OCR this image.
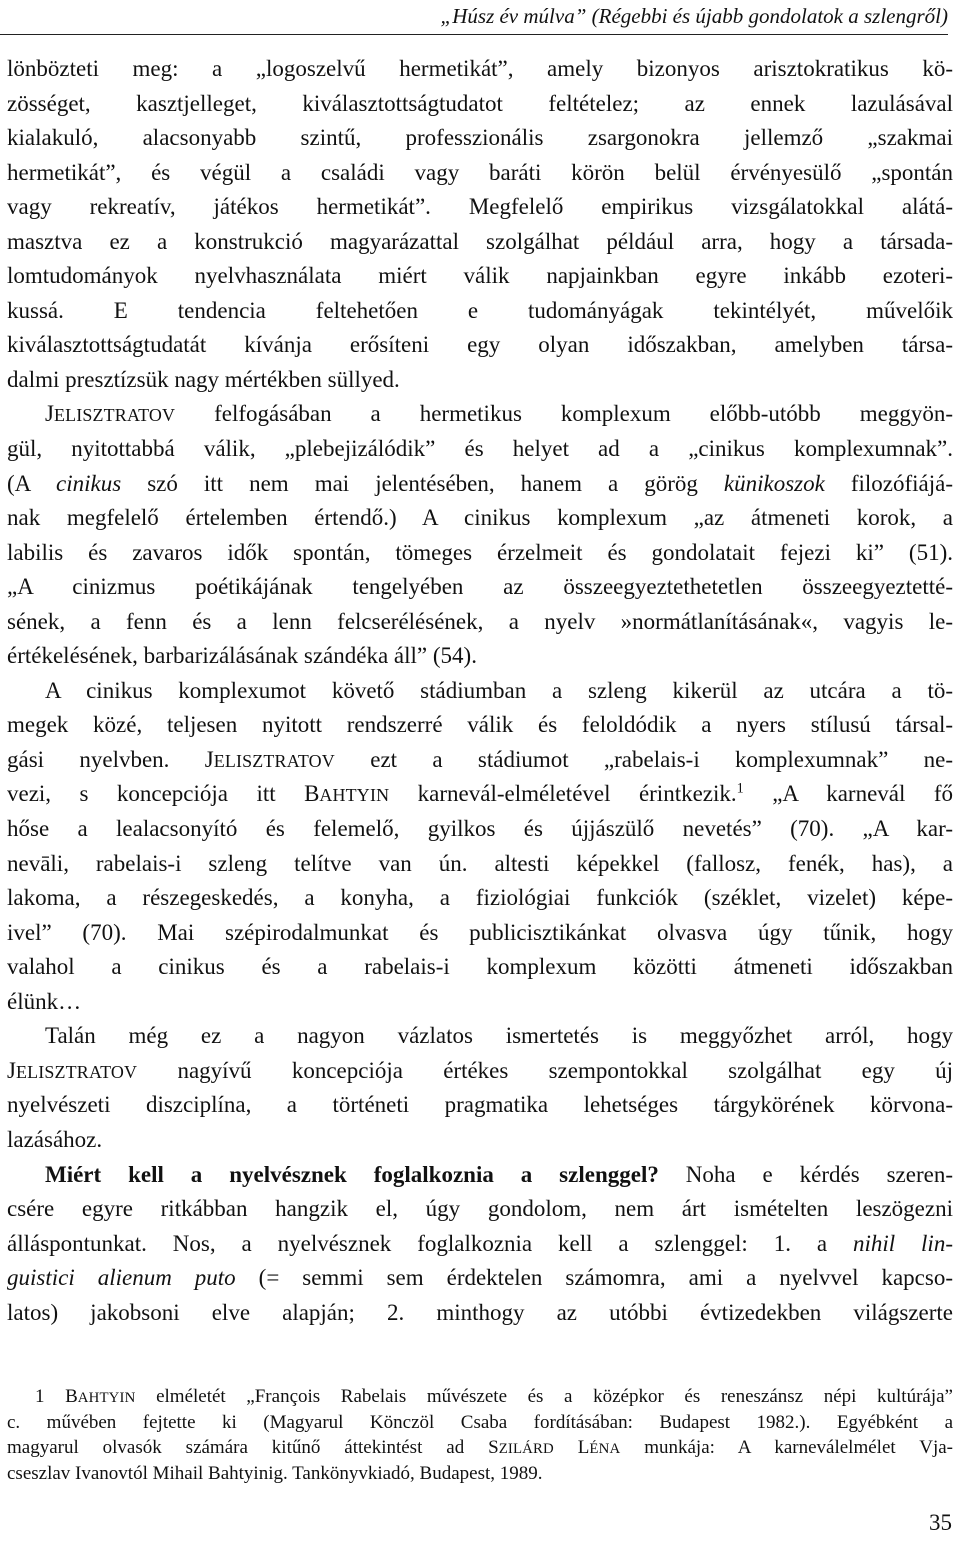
„Húsz év múlva” (Régebbi és újabb gondolatok a szlengről)
lönbözteti meg: a „logoszelvű hermetikát”, amely bizonyos arisztokratikus kö-
zösséget, kasztjelleget, kiválasztottságtudatot feltételez; az ennek lazulásával
kialakuló, alacsonyabb szintű, professzionális zsargonokra jellemző „szakmai
hermetikát”, és végül a családi vagy baráti körön belül érvényesülő „spontán
vagy rekreatív, játékos hermetikát”. Megfelelő empirikus vizsgálatokkal alátá-
masztva ez a konstrukció magyarázattal szolgálhat például arra, hogy a társada-
lomtudományok nyelvhasználata miért válik napjainkban egyre inkább ezoteri-
kussá. E tendencia feltehetően e tudományágak tekintélyét, művelőik
kiválasztottságtudatát kívánja erősíteni egy olyan időszakban, amelyben társa-
dalmi presztízsük nagy mértékben süllyed.
JELISZTRATOV felfogásában a hermetikus komplexum előbb-utóbb meggyön-
gül, nyitottabbá válik, „plebejizálódik” és helyet ad a „cinikus komplexumnak”.
(A cinikus szó itt nem mai jelentésében, hanem a görög künikoszok filozófiájá-
nak megfelelő értelemben értendő.) A cinikus komplexum „az átmeneti korok, a
labilis és zavaros idők spontán, tömeges érzelmeit és gondolatait fejezi ki” (51).
„A cinizmus poétikájának tengelyében az összeegyeztethetetlen összeegyeztetté-
sének, a fenn és a lenn felcserélésének, a nyelv »normátlanításának«, vagyis le-
értékelésének, barbarizálásának szándéka áll” (54).
A cinikus komplexumot követő stádiumban a szleng kikerül az utcára a tö-
megek közé, teljesen nyitott rendszerré válik és feloldódik a nyers stílusú társal-
gási nyelvben. JELISZTRATOV ezt a stádiumot „rabelais-i komplexumnak” ne-
vezi, s koncepciója itt BAHTYIN karnevál-elméletével érintkezik.$^1$ „A karnevál fő
hőse a lealacsonyító és felemelő, gyilkos és újjászülő nevetés” (70). „A kar-
nevāli, rabelais-i szleng telítve van ún. altesti képekkel (fallosz, fenék, has), a
lakoma, a részegeskedés, a konyha, a fiziológiai funkciók (széklet, vizelet) képe-
ivel” (70). Mai szépirodalmunkat és publicisztikánkat olvasva úgy tűnik, hogy
valahol a cinikus és a rabelais-i komplexum közötti átmeneti időszakban
élünk…
Talán még ez a nagyon vázlatos ismertetés is meggyőzhet arról, hogy
JELISZTRATOV nagyívű koncepciója értékes szempontokkal szolgálhat egy új
nyelvészeti diszciplína, a történeti pragmatika lehetséges tárgykörének körvona-
lazásához.
Miért kell a nyelvésznek foglalkoznia a szlenggel? Noha e kérdés szeren-
csére egyre ritkábban hangzik el, úgy gondolom, nem árt ismételten leszögezni
álláspontunkat. Nos, a nyelvésznek foglalkoznia kell a szlenggel: 1. a nihil lin-
guistici alienum puto (= semmi sem érdektelen számomra, ami a nyelvvel kapcso-
latos) jakobsoni elve alapján; 2. minthogy az utóbbi évtizedekben világszerte
1 BAHTYIN elméletét „François Rabelais művészete és a középkor és reneszánsz népi kultúrája”
c. művében fejtette ki (Magyarul Könczöl Csaba fordításában: Budapest 1982.). Egyébként a
magyarul olvasók számára kitűnő áttekintést ad SZILÁRD LÉNA munkája: A karneválelmélet Vja-
cseszlav Ivanovtól Mihail Bahtyinig. Tankönyvkiadó, Budapest, 1989.
35
